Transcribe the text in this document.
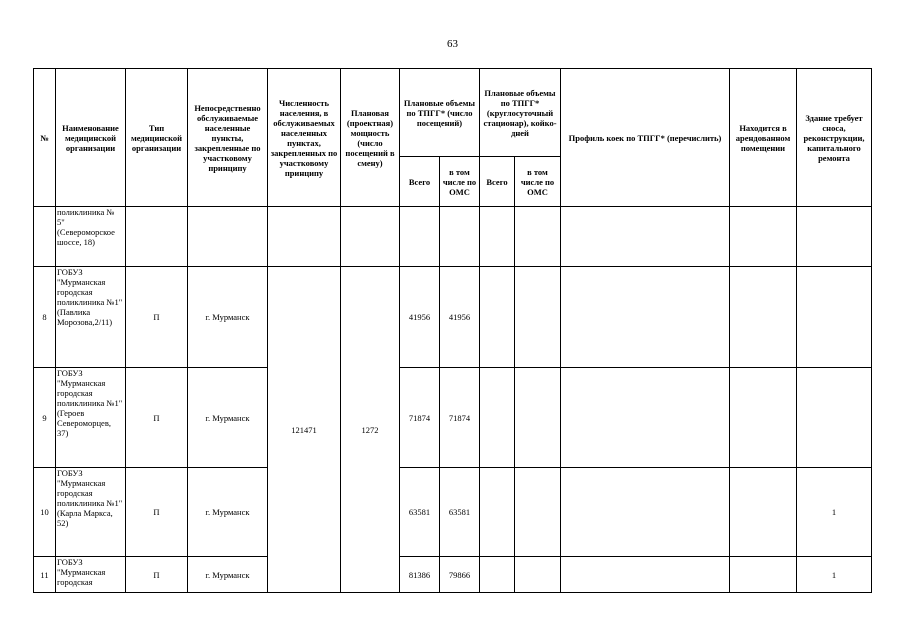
63
№	Наименование медицинской организации	Тип медицинской организации	Непосредственно обслуживаемые населенные пункты, закрепленные по участковому принципу	Численность населения, в обслуживаемых населенных пунктах, закрепленных по участковому принципу	Плановая (проектная) мощность (число посещений в смену)	Плановые объемы по ТПГГ* (число посещений)		Плановые объемы по ТПГГ* (круглосуточный стационар), койко-дней		Профиль коек по ТПГГ* (перечислить)	Находится в арендованном помещении	Здание требует сноса, реконструкции, капитального ремонта
						Всего	в том числе по ОМС	Всего	в том числе по ОМС			
	поликлиника № 5" (Североморское шоссе, 18)											
8	ГОБУЗ "Мурманская городская поликлиника №1" (Павлика Морозова,2/11)	П	г. Мурманск	121471	1272	41956	41956					
9	ГОБУЗ "Мурманская городская поликлиника №1" (Героев Североморцев, 37)	П	г. Мурманск			71874	71874					
10	ГОБУЗ "Мурманская городская поликлиника №1" (Карла Маркса, 52)	П	г. Мурманск			63581	63581					1
11	ГОБУЗ "Мурманская городская	П	г. Мурманск			81386	79866					1
